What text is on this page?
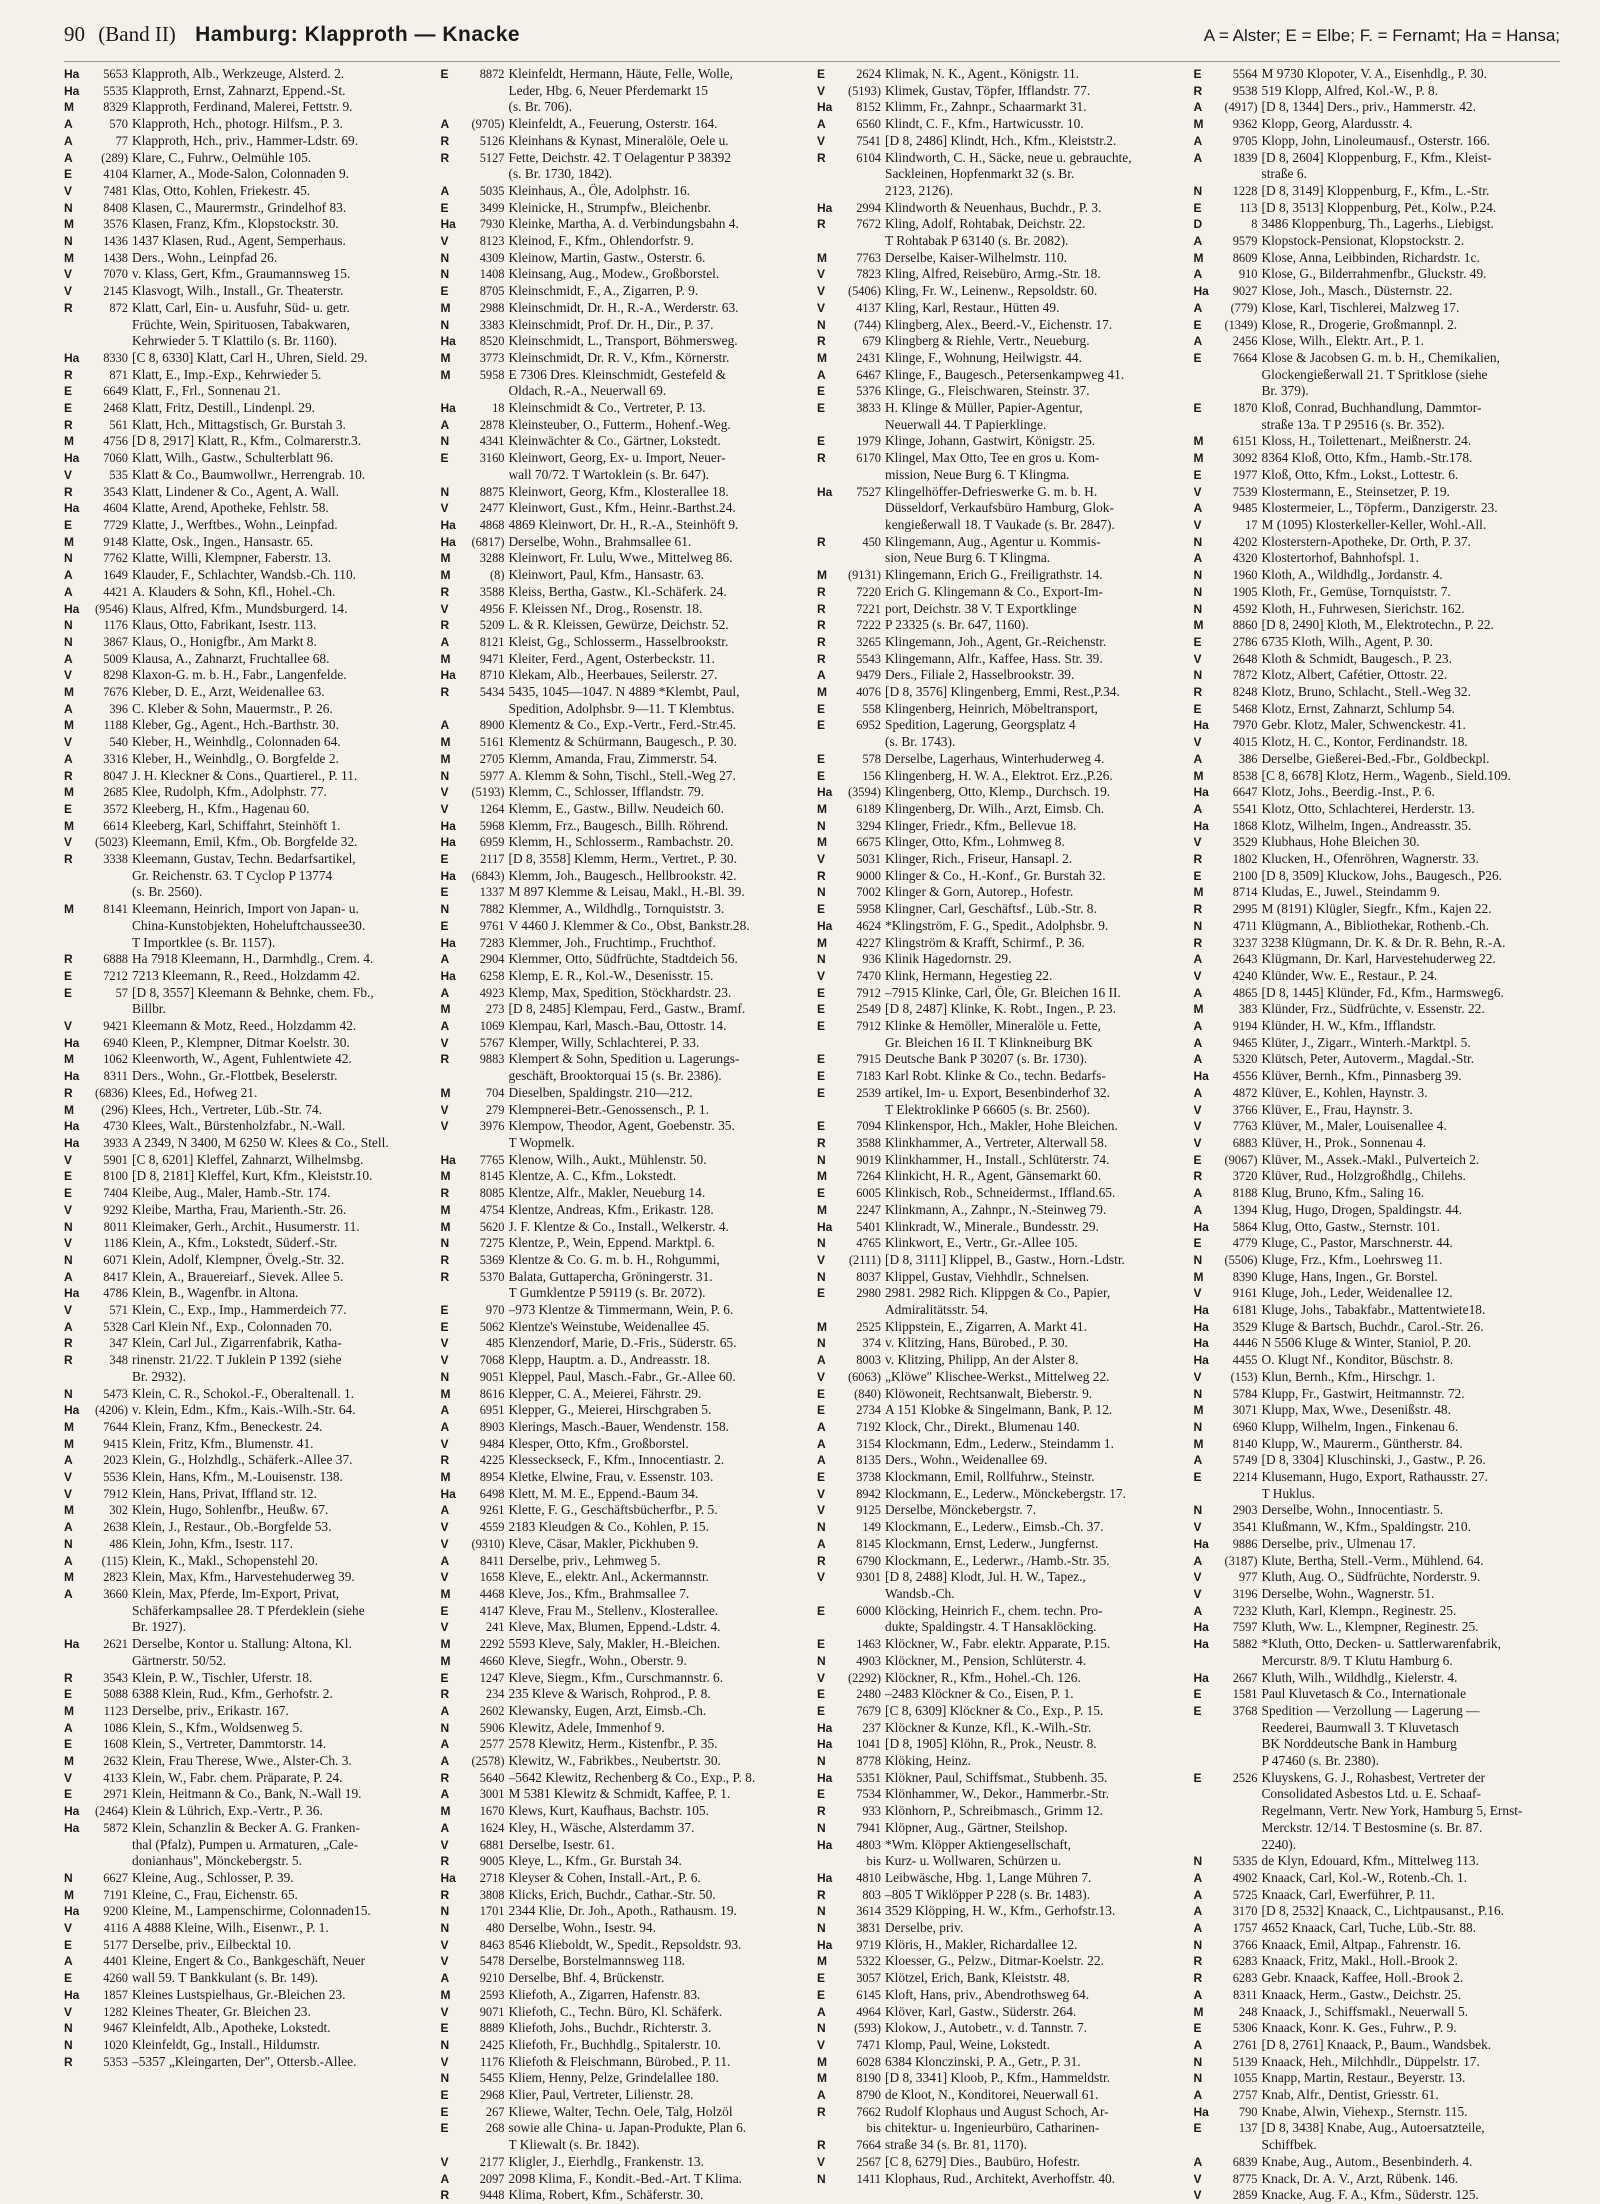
90 (Band II) Hamburg: Klapproth — Knacke	A = Alster; E = Elbe; F. = Fernamt; Ha = Hansa;
Ha	5653 Klapproth, Alb., Werkzeuge, Alsterd. 2.
Ha	5535 Klapproth, Ernst, Zahnarzt, Eppend.-St.
M	8329 Klapproth, Ferdinand, Malerei, Fettstr. 9.
A	570 Klapproth, Hch., photogr. Hilfsm., P. 3.
A	77 Klapproth, Hch., priv., Hammer-Ldstr. 69.
A	(289) Klare, C., Fuhrw., Oelmühle 105.
E	4104 Klarner, A., Mode-Salon, Colonnaden 9.
V	7481 Klas, Otto, Kohlen, Friekestr. 45.
N	8408 Klasen, C., Maurermstr., Grindelhof 83.
M	3576 Klasen, Franz, Kfm., Klopstockstr. 30.
N	1436 1437 Klasen, Rud., Agent, Semperhaus.
M	1438 Ders., Wohn., Leinpfad 26.
V	7070 v. Klass, Gert, Kfm., Graumannsweg 15.
V	2145 Klasvogt, Wilh., Install., Gr. Theaterstr.
R	872 Klatt, Carl, Ein- u. Ausfuhr, Süd- u. getr.
Früchte, Wein, Spirituosen, Tabakwaren,
Kehrwieder 5. T Klattilo (s. Br. 1160).
Ha	8330 [C 8, 6330] Klatt, Carl H., Uhren, Sield. 29.
R	871 Klatt, E., Imp.-Exp., Kehrwieder 5.
E	6649 Klatt, F., Frl., Sonnenau 21.
E	2468 Klatt, Fritz, Destill., Lindenpl. 29.
R	561 Klatt, Hch., Mittagstisch, Gr. Burstah 3.
M	4756 [D 8, 2917] Klatt, R., Kfm., Colmarerstr.3.
Ha	7060 Klatt, Wilh., Gastw., Schulterblatt 96.
V	535 Klatt & Co., Baumwollwr., Herrengrab. 10.
R	3543 Klatt, Lindener & Co., Agent, A. Wall.
Ha	4604 Klatte, Arend, Apotheke, Fehlstr. 58.
E	7729 Klatte, J., Werftbes., Wohn., Leinpfad.
M	9148 Klatte, Osk., Ingen., Hansastr. 65.
N	7762 Klatte, Willi, Klempner, Faberstr. 13.
A	1649 Klauder, F., Schlachter, Wandsb.-Ch. 110.
A	4421 A. Klauders & Sohn, Kfl., Hohel.-Ch.
Ha	(9546) Klaus, Alfred, Kfm., Mundsburgerd. 14.
N	1176 Klaus, Otto, Fabrikant, Isestr. 113.
N	3867 Klaus, O., Honigfbr., Am Markt 8.
A	5009 Klausa, A., Zahnarzt, Fruchtallee 68.
V	8298 Klaxon-G. m. b. H., Fabr., Langenfelde.
M	7676 Kleber, D. E., Arzt, Weidenallee 63.
A	396 C. Kleber & Sohn, Mauermstr., P. 26.
M	1188 Kleber, Gg., Agent., Hch.-Barthstr. 30.
V	540 Kleber, H., Weinhdlg., Colonnaden 64.
A	3316 Kleber, H., Weinhdlg., O. Borgfelde 2.
R	8047 J. H. Kleckner & Cons., Quartierel., P. 11.
M	2685 Klee, Rudolph, Kfm., Adolphstr. 77.
E	3572 Kleeberg, H., Kfm., Hagenau 60.
M	6614 Kleeberg, Karl, Schiffahrt, Steinhöft 1.
V	(5023) Kleemann, Emil, Kfm., Ob. Borgfelde 32.
R	3338 Kleemann, Gustav, Techn. Bedarfsartikel,
Gr. Reichenstr. 63. T Cyclop P 13774
(s. Br. 2560).
M	8141 Kleemann, Heinrich, Import von Japan- u.
China-Kunstobjekten, Hoheluftchaussee30.
T Importklee (s. Br. 1157).
R	6888 Ha 7918 Kleemann, H., Darmhdlg., Crem. 4.
E	7212 7213 Kleemann, R., Reed., Holzdamm 42.
E	57 [D 8, 3557] Kleemann & Behnke, chem. Fb.,
Billbr.
V	9421 Kleemann & Motz, Reed., Holzdamm 42.
Ha	6940 Kleen, P., Klempner, Ditmar Koelstr. 30.
M	1062 Kleenworth, W., Agent, Fuhlentwiete 42.
Ha	8311 Ders., Wohn., Gr.-Flottbek, Beselerstr.
R	(6836) Klees, Ed., Hofweg 21.
M	(296) Klees, Hch., Vertreter, Lüb.-Str. 74.
Ha	4730 Klees, Walt., Bürstenholzfabr., N.-Wall.
Ha	3933 A 2349, N 3400, M 6250 W. Klees & Co., Stell.
V	5901 [C 8, 6201] Kleffel, Zahnarzt, Wilhelmsbg.
E	8100 [D 8, 2181] Kleffel, Kurt, Kfm., Kleiststr.10.
E	7404 Kleibe, Aug., Maler, Hamb.-Str. 174.
V	9292 Kleibe, Martha, Frau, Marienth.-Str. 26.
N	8011 Kleimaker, Gerh., Archit., Husumerstr. 11.
V	1186 Klein, A., Kfm., Lokstedt, Süderf.-Str.
N	6071 Klein, Adolf, Klempner, Övelg.-Str. 32.
A	8417 Klein, A., Brauereiarf., Sievek. Allee 5.
Ha	4786 Klein, B., Wagenfbr. in Altona.
V	571 Klein, C., Exp., Imp., Hammerdeich 77.
A	5328 Carl Klein Nf., Exp., Colonnaden 70.
R	347 Klein, Carl Jul., Zigarrenfabrik, Katha-
R	348 rinenstr. 21/22. T Juklein P 1392 (siehe
Br. 2932).
N	5473 Klein, C. R., Schokol.-F., Oberaltenall. 1.
Ha	(4206) v. Klein, Edm., Kfm., Kais.-Wilh.-Str. 64.
M	7644 Klein, Franz, Kfm., Beneckestr. 24.
M	9415 Klein, Fritz, Kfm., Blumenstr. 41.
A	2023 Klein, G., Holzhdlg., Schäferk.-Allee 37.
V	5536 Klein, Hans, Kfm., M.-Louisenstr. 138.
V	7912 Klein, Hans, Privat, Iffland str. 12.
M	302 Klein, Hugo, Sohlenfbr., Heußw. 67.
A	2638 Klein, J., Restaur., Ob.-Borgfelde 53.
N	486 Klein, John, Kfm., Isestr. 117.
A	(115) Klein, K., Makl., Schopenstehl 20.
M	2823 Klein, Max, Kfm., Harvestehuderweg 39.
A	3660 Klein, Max, Pferde, Im-Export, Privat,
Schäferkampsallee 28. T Pferdeklein (siehe
Br. 1927).
Ha	2621 Derselbe, Kontor u. Stallung: Altona, Kl.
Gärtnerstr. 50/52.
R	3543 Klein, P. W., Tischler, Uferstr. 18.
E	5088 6388 Klein, Rud., Kfm., Gerhofstr. 2.
M	1123 Derselbe, priv., Erikastr. 167.
A	1086 Klein, S., Kfm., Woldsenweg 5.
E	1608 Klein, S., Vertreter, Dammtorstr. 14.
M	2632 Klein, Frau Therese, Wwe., Alster-Ch. 3.
V	4133 Klein, W., Fabr. chem. Präparate, P. 24.
E	2971 Klein, Heitmann & Co., Bank, N.-Wall 19.
Ha	(2464) Klein & Lührich, Exp.-Vertr., P. 36.
Ha	5872 Klein, Schanzlin & Becker A. G. Franken-
thal (Pfalz), Pumpen u. Armaturen, „Cale-
donianhaus", Mönckebergstr. 5.
N	6627 Kleine, Aug., Schlosser, P. 39.
M	7191 Kleine, C., Frau, Eichenstr. 65.
Ha	9200 Kleine, M., Lampenschirme, Colonnaden15.
V	4116 A 4888 Kleine, Wilh., Eisenwr., P. 1.
E	5177 Derselbe, priv., Eilbecktal 10.
A	4401 Kleine, Engert & Co., Bankgeschäft, Neuer
E	4260 wall 59. T Bankkulant (s. Br. 149).
Ha	1857 Kleines Lustspielhaus, Gr.-Bleichen 23.
V	1282 Kleines Theater, Gr. Bleichen 23.
N	9467 Kleinfeldt, Alb., Apotheke, Lokstedt.
N	1020 Kleinfeldt, Gg., Install., Hildumstr.
R	5353 –5357 „Kleingarten, Der", Ottersb.-Allee.
E	8872 Kleinfeldt, Hermann, Häute, Felle, Wolle,
Leder, Hbg. 6, Neuer Pferdemarkt 15
(s. Br. 706).
A	(9705) Kleinfeldt, A., Feuerung, Osterstr. 164.
R	5126 Kleinhans & Kynast, Mineralöle, Oele u.
R	5127 Fette, Deichstr. 42. T Oelagentur P 38392
(s. Br. 1730, 1842).
A	5035 Kleinhaus, A., Öle, Adolphstr. 16.
E	3499 Kleinicke, H., Strumpfw., Bleichenbr.
Ha	7930 Kleinke, Martha, A. d. Verbindungsbahn 4.
V	8123 Kleinod, F., Kfm., Ohlendorfstr. 9.
N	4309 Kleinow, Martin, Gastw., Osterstr. 6.
N	1408 Kleinsang, Aug., Modew., Großborstel.
E	8705 Kleinschmidt, F., A., Zigarren, P. 9.
M	2988 Kleinschmidt, Dr. H., R.-A., Werderstr. 63.
N	3383 Kleinschmidt, Prof. Dr. H., Dir., P. 37.
Ha	8520 Kleinschmidt, L., Transport, Böhmersweg.
M	3773 Kleinschmidt, Dr. R. V., Kfm., Körnerstr.
M	5958 E 7306 Dres. Kleinschmidt, Gestefeld &
Oldach, R.-A., Neuerwall 69.
Ha	18 Kleinschmidt & Co., Vertreter, P. 13.
A	2878 Kleinsteuber, O., Futterm., Hohenf.-Weg.
N	4341 Kleinwächter & Co., Gärtner, Lokstedt.
E	3160 Kleinwort, Georg, Ex- u. Import, Neuer-
wall 70/72. T Wartoklein (s. Br. 647).
N	8875 Kleinwort, Georg, Kfm., Klosterallee 18.
V	2477 Kleinwort, Gust., Kfm., Heinr.-Barthst.24.
Ha	4868 4869 Kleinwort, Dr. H., R.-A., Steinhöft 9.
Ha	(6817) Derselbe, Wohn., Brahmsallee 61.
M	3288 Kleinwort, Fr. Lulu, Wwe., Mittelweg 86.
M	(8) Kleinwort, Paul, Kfm., Hansastr. 63.
R	3588 Kleiss, Bertha, Gastw., Kl.-Schäferk. 24.
V	4956 F. Kleissen Nf., Drog., Rosenstr. 18.
R	5209 L. & R. Kleissen, Gewürze, Deichstr. 52.
A	8121 Kleist, Gg., Schlosserm., Hasselbrookstr.
M	9471 Kleiter, Ferd., Agent, Osterbeckstr. 11.
Ha	8710 Klekam, Alb., Heerbaues, Seilerstr. 27.
R	5434 5435, 1045—1047. N 4889 *Klembt, Paul,
Spedition, Adolphsbr. 9—11. T Klembtus.
A	8900 Klementz & Co., Exp.-Vertr., Ferd.-Str.45.
M	5161 Klementz & Schürmann, Baugesch., P. 30.
M	2705 Klemm, Amanda, Frau, Zimmerstr. 54.
N	5977 A. Klemm & Sohn, Tischl., Stell.-Weg 27.
V	(5193) Klemm, C., Schlosser, Ifflandstr. 79.
V	1264 Klemm, E., Gastw., Billw. Neudeich 60.
Ha	5968 Klemm, Frz., Baugesch., Billh. Röhrend.
Ha	6959 Klemm, H., Schlosserm., Rambachstr. 20.
E	2117 [D 8, 3558] Klemm, Herm., Vertret., P. 30.
Ha	(6843) Klemm, Joh., Baugesch., Hellbrookstr. 42.
E	1337 M 897 Klemme & Leisau, Makl., H.-Bl. 39.
N	7882 Klemmer, A., Wildhdlg., Tornquiststr. 3.
E	9761 V 4460 J. Klemmer & Co., Obst, Bankstr.28.
Ha	7283 Klemmer, Joh., Fruchtimp., Fruchthof.
A	2904 Klemmer, Otto, Südfrüchte, Stadtdeich 56.
Ha	6258 Klemp, E. R., Kol.-W., Desenisstr. 15.
A	4923 Klemp, Max, Spedition, Stöckhardstr. 23.
M	273 [D 8, 2485] Klempau, Ferd., Gastw., Bramf.
A	1069 Klempau, Karl, Masch.-Bau, Ottostr. 14.
V	5767 Klemper, Willy, Schlachterei, P. 33.
R	9883 Klempert & Sohn, Spedition u. Lagerungs-
geschäft, Brooktorquai 15 (s. Br. 2386).
M	704 Dieselben, Spaldingstr. 210—212.
V	279 Klempnerei-Betr.-Genossensch., P. 1.
V	3976 Klempow, Theodor, Agent, Goebenstr. 35.
T Wopmelk.
Ha	7765 Klenow, Wilh., Aukt., Mühlenstr. 50.
M	8145 Klentze, A. C., Kfm., Lokstedt.
R	8085 Klentze, Alfr., Makler, Neueburg 14.
M	4754 Klentze, Andreas, Kfm., Erikastr. 128.
M	5620 J. F. Klentze & Co., Install., Welkerstr. 4.
N	7275 Klentze, P., Wein, Eppend. Marktpl. 6.
R	5369 Klentze & Co. G. m. b. H., Rohgummi,
R	5370 Balata, Guttapercha, Gröningerstr. 31.
T Gumklentze P 59119 (s. Br. 2072).
E	970 –973 Klentze & Timmermann, Wein, P. 6.
E	5062 Klentze's Weinstube, Weidenallee 45.
V	485 Klenzendorf, Marie, D.-Fris., Süderstr. 65.
V	7068 Klepp, Hauptm. a. D., Andreasstr. 18.
N	9051 Kleppel, Paul, Masch.-Fabr., Gr.-Allee 60.
M	8616 Klepper, C. A., Meierei, Fährstr. 29.
A	6951 Klepper, G., Meierei, Hirschgraben 5.
A	8903 Klerings, Masch.-Bauer, Wendenstr. 158.
V	9484 Klesper, Otto, Kfm., Großborstel.
R	4225 Klesseckseck, F., Kfm., Innocentiastr. 2.
M	8954 Kletke, Elwine, Frau, v. Essenstr. 103.
Ha	6498 Klett, M. M. E., Eppend.-Baum 34.
A	9261 Klette, F. G., Geschäftsbücherfbr., P. 5.
V	4559 2183 Kleudgen & Co., Kohlen, P. 15.
V	(9310) Kleve, Cäsar, Makler, Pickhuben 9.
A	8411 Derselbe, priv., Lehmweg 5.
V	1658 Kleve, E., elektr. Anl., Ackermannstr.
M	4468 Kleve, Jos., Kfm., Brahmsallee 7.
E	4147 Kleve, Frau M., Stellenv., Klosterallee.
V	241 Kleve, Max, Blumen, Eppend.-Ldstr. 4.
M	2292 5593 Kleve, Saly, Makler, H.-Bleichen.
M	4660 Kleve, Siegfr., Wohn., Oberstr. 9.
E	1247 Kleve, Siegm., Kfm., Curschmannstr. 6.
R	234 235 Kleve & Warisch, Rohprod., P. 8.
A	2602 Klewansky, Eugen, Arzt, Eimsb.-Ch.
N	5906 Klewitz, Adele, Immenhof 9.
A	2577 2578 Klewitz, Herm., Kistenfbr., P. 35.
A	(2578) Klewitz, W., Fabrikbes., Neubertstr. 30.
R	5640 –5642 Klewitz, Rechenberg & Co., Exp., P. 8.
A	3001 M 5381 Klewitz & Schmidt, Kaffee, P. 1.
M	1670 Klews, Kurt, Kaufhaus, Bachstr. 105.
A	1624 Kley, H., Wäsche, Alsterdamm 37.
V	6881 Derselbe, Isestr. 61.
R	9005 Kleye, L., Kfm., Gr. Burstah 34.
Ha	2718 Kleyser & Cohen, Install.-Art., P. 6.
R	3808 Klicks, Erich, Buchdr., Cathar.-Str. 50.
N	1701 2344 Klie, Dr. Joh., Apoth., Rathausm. 19.
N	480 Derselbe, Wohn., Isestr. 94.
V	8463 8546 Klieboldt, W., Spedit., Repsoldstr. 93.
V	5478 Derselbe, Borstelmannsweg 118.
A	9210 Derselbe, Bhf. 4, Brückenstr.
M	2593 Kliefoth, A., Zigarren, Hafenstr. 83.
V	9071 Kliefoth, C., Techn. Büro, Kl. Schäferk.
E	8889 Kliefoth, Johs., Buchdr., Richterstr. 3.
N	2425 Kliefoth, Fr., Buchhdlg., Spitalerstr. 10.
V	1176 Kliefoth & Fleischmann, Bürobed., P. 11.
N	5455 Kliem, Henny, Pelze, Grindelallee 180.
E	2968 Klier, Paul, Vertreter, Lilienstr. 28.
E	267 Kliewe, Walter, Techn. Oele, Talg, Holzöl
E	268 sowie alle China- u. Japan-Produkte, Plan 6.
T Kliewalt (s. Br. 1842).
V	2177 Kligler, J., Eierhdlg., Frankenstr. 13.
A	2097 2098 Klima, F., Kondit.-Bed.-Art. T Klima.
R	9448 Klima, Robert, Kfm., Schäferstr. 30.
E	2624 Klimak, N. K., Agent., Königstr. 11.
V	(5193) Klimek, Gustav, Töpfer, Ifflandstr. 77.
Ha	8152 Klimm, Fr., Zahnpr., Schaarmarkt 31.
A	6560 Klindt, C. F., Kfm., Hartwicusstr. 10.
V	7541 [D 8, 2486] Klindt, Hch., Kfm., Kleiststr.2.
R	6104 Klindworth, C. H., Säcke, neue u. gebrauchte,
Sackleinen, Hopfenmarkt 32 (s. Br.
2123, 2126).
Ha	2994 Klindworth & Neuenhaus, Buchdr., P. 3.
R	7672 Kling, Adolf, Rohtabak, Deichstr. 22.
T Rohtabak P 63140 (s. Br. 2082).
M	7763 Derselbe, Kaiser-Wilhelmstr. 110.
V	7823 Kling, Alfred, Reisebüro, Armg.-Str. 18.
V	(5406) Kling, Fr. W., Leinenw., Repsoldstr. 60.
V	4137 Kling, Karl, Restaur., Hütten 49.
N	(744) Klingberg, Alex., Beerd.-V., Eichenstr. 17.
R	679 Klingberg & Riehle, Vertr., Neueburg.
M	2431 Klinge, F., Wohnung, Heilwigstr. 44.
A	6467 Klinge, F., Baugesch., Petersenkampweg 41.
E	5376 Klinge, G., Fleischwaren, Steinstr. 37.
E	3833 H. Klinge & Müller, Papier-Agentur,
Neuerwall 44. T Papierklinge.
E	1979 Klinge, Johann, Gastwirt, Königstr. 25.
R	6170 Klingel, Max Otto, Tee en gros u. Kom-
mission, Neue Burg 6. T Klingma.
Ha	7527 Klingelhöffer-Defrieswerke G. m. b. H.
Düsseldorf, Verkaufsbüro Hamburg, Glok-
kengießerwall 18. T Vaukade (s. Br. 2847).
R	450 Klingemann, Aug., Agentur u. Kommis-
sion, Neue Burg 6. T Klingma.
M	(9131) Klingemann, Erich G., Freiligrathstr. 14.
R	7220 Erich G. Klingemann & Co., Export-Im-
R	7221 port, Deichstr. 38 V. T Exportklinge
R	7222 P 23325 (s. Br. 647, 1160).
R	3265 Klingemann, Joh., Agent, Gr.-Reichenstr.
R	5543 Klingemann, Alfr., Kaffee, Hass. Str. 39.
A	9479 Ders., Filiale 2, Hasselbrookstr. 39.
M	4076 [D 8, 3576] Klingenberg, Emmi, Rest.,P.34.
E	558 Klingenberg, Heinrich, Möbeltransport,
E	6952 Spedition, Lagerung, Georgsplatz 4
(s. Br. 1743).
E	578 Derselbe, Lagerhaus, Winterhuderweg 4.
E	156 Klingenberg, H. W. A., Elektrot. Erz.,P.26.
Ha	(3594) Klingenberg, Otto, Klemp., Durchsch. 19.
M	6189 Klingenberg, Dr. Wilh., Arzt, Eimsb. Ch.
N	3294 Klinger, Friedr., Kfm., Bellevue 18.
M	6675 Klinger, Otto, Kfm., Lohmweg 8.
V	5031 Klinger, Rich., Friseur, Hansapl. 2.
R	9000 Klinger & Co., H.-Konf., Gr. Burstah 32.
N	7002 Klinger & Gorn, Autorep., Hofestr.
E	5958 Klingner, Carl, Geschäftsf., Lüb.-Str. 8.
Ha	4624 *Klingström, F. G., Spedit., Adolphsbr. 9.
M	4227 Klingström & Krafft, Schirmf., P. 36.
N	936 Klinik Hagedornstr. 29.
V	7470 Klink, Hermann, Hegestieg 22.
E	7912 –7915 Klinke, Carl, Öle, Gr. Bleichen 16 II.
E	2549 [D 8, 2487] Klinke, K. Robt., Ingen., P. 23.
E	7912 Klinke & Hemöller, Mineralöle u. Fette,
Gr. Bleichen 16 II. T Klinkneiburg BK
E	7915 Deutsche Bank P 30207 (s. Br. 1730).
E	7183 Karl Robt. Klinke & Co., techn. Bedarfs-
E	2539 artikel, Im- u. Export, Besenbinderhof 32.
T Elektroklinke P 66605 (s. Br. 2560).
E	7094 Klinkenspor, Hch., Makler, Hohe Bleichen.
R	3588 Klinkhammer, A., Vertreter, Alterwall 58.
N	9019 Klinkhammer, H., Install., Schlüterstr. 74.
M	7264 Klinkicht, H. R., Agent, Gänsemarkt 60.
E	6005 Klinkisch, Rob., Schneidermst., Iffland.65.
M	2247 Klinkmann, A., Zahnpr., N.-Steinweg 79.
Ha	5401 Klinkradt, W., Minerale., Bundesstr. 29.
N	4765 Klinkwort, E., Vertr., Gr.-Allee 105.
V	(2111) [D 8, 3111] Klippel, B., Gastw., Horn.-Ldstr.
N	8037 Klippel, Gustav, Viehhdlr., Schnelsen.
E	2980 2981. 2982 Rich. Klippgen & Co., Papier,
Admiralitätsstr. 54.
M	2525 Klippstein, E., Zigarren, A. Markt 41.
N	374 v. Klitzing, Hans, Bürobed., P. 30.
A	8003 v. Klitzing, Philipp, An der Alster 8.
V	(6063) „Klöwe" Klischee-Werkst., Mittelweg 22.
E	(840) Klöwoneit, Rechtsanwalt, Bieberstr. 9.
E	2734 A 151 Klobke & Singelmann, Bank, P. 12.
A	7192 Klock, Chr., Direkt., Blumenau 140.
A	3154 Klockmann, Edm., Lederw., Steindamm 1.
A	8135 Ders., Wohn., Weidenallee 69.
E	3738 Klockmann, Emil, Rollfuhrw., Steinstr.
V	8942 Klockmann, E., Lederw., Mönckebergstr. 17.
V	9125 Derselbe, Mönckebergstr. 7.
N	149 Klockmann, E., Lederw., Eimsb.-Ch. 37.
A	8145 Klockmann, Ernst, Lederw., Jungfernst.
R	6790 Klockmann, E., Lederwr., /Hamb.-Str. 35.
V	9301 [D 8, 2488] Klodt, Jul. H. W., Tapez.,
Wandsb.-Ch.
E	6000 Klöcking, Heinrich F., chem. techn. Pro-
dukte, Spaldingstr. 4. T Hansaklöcking.
E	1463 Klöckner, W., Fabr. elektr. Apparate, P.15.
N	4903 Klöckner, M., Pension, Schlüterstr. 4.
V	(2292) Klöckner, R., Kfm., Hohel.-Ch. 126.
E	2480 –2483 Klöckner & Co., Eisen, P. 1.
E	7679 [C 8, 6309] Klöckner & Co., Exp., P. 15.
Ha	237 Klöckner & Kunze, Kfl., K.-Wilh.-Str.
Ha	1041 [D 8, 1905] Klöhn, R., Prok., Neustr. 8.
N	8778 Klöking, Heinz.
Ha	5351 Klökner, Paul, Schiffsmat., Stubbenh. 35.
E	7534 Klönhammer, W., Dekor., Hammerbr.-Str.
R	933 Klönhorn, P., Schreibmasch., Grimm 12.
N	7941 Klöpner, Aug., Gärtner, Steilshop.
Ha	4803 *Wm. Klöpper Aktiengesellschaft,
bis Kurz- u. Wollwaren, Schürzen u.
Ha	4810 Leibwäsche, Hbg. 1, Lange Mühren 7.
R	803 –805 T Wiklöpper P 228 (s. Br. 1483).
N	3614 3529 Klöpping, H. W., Kfm., Gerhofstr.13.
N	3831 Derselbe, priv.
Ha	9719 Klöris, H., Makler, Richardallee 12.
M	5322 Kloesser, G., Pelzw., Ditmar-Koelstr. 22.
E	3057 Klötzel, Erich, Bank, Kleiststr. 48.
E	6145 Kloft, Hans, priv., Abendrothsweg 64.
A	4964 Klöver, Karl, Gastw., Süderstr. 264.
N	(593) Klokow, J., Autobetr., v. d. Tannstr. 7.
V	7471 Klomp, Paul, Weine, Lokstedt.
M	6028 6384 Klonczinski, P. A., Getr., P. 31.
M	8190 [D 8, 3341] Kloob, P., Kfm., Hammeldstr.
A	8790 de Kloot, N., Konditorei, Neuerwall 61.
R	7662 Rudolf Klophaus und August Schoch, Ar-
bis chitektur- u. Ingenieurbüro, Catharinen-
R	7664 straße 34 (s. Br. 81, 1170).
V	2567 [C 8, 6279] Dies., Baubüro, Hofestr.
N	1411 Klophaus, Rud., Architekt, Averhoffstr. 40.
E	5564 M 9730 Klopoter, V. A., Eisenhdlg., P. 30.
R	9538 519 Klopp, Alfred, Kol.-W., P. 8.
A	(4917) [D 8, 1344] Ders., priv., Hammerstr. 42.
M	9362 Klopp, Georg, Alardusstr. 4.
A	9705 Klopp, John, Linoleumausf., Osterstr. 166.
A	1839 [D 8, 2604] Kloppenburg, F., Kfm., Kleist-
straße 6.
N	1228 [D 8, 3149] Kloppenburg, F., Kfm., L.-Str.
E	113 [D 8, 3513] Kloppenburg, Pet., Kolw., P.24.
D	8 3486 Kloppenburg, Th., Lagerhs., Liebigst.
A	9579 Klopstock-Pensionat, Klopstockstr. 2.
M	8609 Klose, Anna, Leibbinden, Richardstr. 1c.
A	910 Klose, G., Bilderrahmenfbr., Gluckstr. 49.
Ha	9027 Klose, Joh., Masch., Düsternstr. 22.
A	(779) Klose, Karl, Tischlerei, Malzweg 17.
E	(1349) Klose, R., Drogerie, Großmannpl. 2.
A	2456 Klose, Wilh., Elektr. Art., P. 1.
E	7664 Klose & Jacobsen G. m. b. H., Chemikalien,
Glockengießerwall 21. T Spritklose (siehe
Br. 379).
E	1870 Kloß, Conrad, Buchhandlung, Dammtor-
straße 13a. T P 29516 (s. Br. 352).
M	6151 Kloss, H., Toilettenart., Meißnerstr. 24.
M	3092 8364 Kloß, Otto, Kfm., Hamb.-Str.178.
E	1977 Kloß, Otto, Kfm., Lokst., Lottestr. 6.
V	7539 Klostermann, E., Steinsetzer, P. 19.
A	9485 Klostermeier, L., Töpferm., Danzigerstr. 23.
V	17 M (1095) Klosterkeller-Keller, Wohl.-All.
N	4202 Klosterstern-Apotheke, Dr. Orth, P. 37.
A	4320 Klostertorhof, Bahnhofspl. 1.
N	1960 Kloth, A., Wildhdlg., Jordanstr. 4.
N	1905 Kloth, Fr., Gemüse, Tornquiststr. 7.
N	4592 Kloth, H., Fuhrwesen, Sierichstr. 162.
M	8860 [D 8, 2490] Kloth, M., Elektrotechn., P. 22.
E	2786 6735 Kloth, Wilh., Agent, P. 30.
V	2648 Kloth & Schmidt, Baugesch., P. 23.
N	7872 Klotz, Albert, Cafétier, Ottostr. 22.
R	8248 Klotz, Bruno, Schlacht., Stell.-Weg 32.
E	5468 Klotz, Ernst, Zahnarzt, Schlump 54.
Ha	7970 Gebr. Klotz, Maler, Schwenckestr. 41.
V	4015 Klotz, H. C., Kontor, Ferdinandstr. 18.
A	386 Derselbe, Gießerei-Bed.-Fbr., Goldbeckpl.
M	8538 [C 8, 6678] Klotz, Herm., Wagenb., Sield.109.
Ha	6647 Klotz, Johs., Beerdig.-Inst., P. 6.
A	5541 Klotz, Otto, Schlachterei, Herderstr. 13.
Ha	1868 Klotz, Wilhelm, Ingen., Andreasstr. 35.
V	3529 Klubhaus, Hohe Bleichen 30.
R	1802 Klucken, H., Ofenröhren, Wagnerstr. 33.
E	2100 [D 8, 3509] Kluckow, Johs., Baugesch., P26.
M	8714 Kludas, E., Juwel., Steindamm 9.
R	2995 M (8191) Klügler, Siegfr., Kfm., Kajen 22.
N	4711 Klügmann, A., Bibliothekar, Rothenb.-Ch.
R	3237 3238 Klügmann, Dr. K. & Dr. R. Behn, R.-A.
A	2643 Klügmann, Dr. Karl, Harvestehuderweg 22.
V	4240 Klünder, Ww. E., Restaur., P. 24.
A	4865 [D 8, 1445] Klünder, Fd., Kfm., Harmsweg6.
M	383 Klünder, Frz., Südfrüchte, v. Essenstr. 22.
A	9194 Klünder, H. W., Kfm., Ifflandstr.
A	9465 Klüter, J., Zigarr., Winterh.-Marktpl. 5.
A	5320 Klütsch, Peter, Autoverm., Magdal.-Str.
Ha	4556 Klüver, Bernh., Kfm., Pinnasberg 39.
A	4872 Klüver, E., Kohlen, Haynstr. 3.
V	3766 Klüver, E., Frau, Haynstr. 3.
V	7763 Klüver, M., Maler, Louisenallee 4.
V	6883 Klüver, H., Prok., Sonnenau 4.
E	(9067) Klüver, M., Assek.-Makl., Pulverteich 2.
R	3720 Klüver, Rud., Holzgroßhdlg., Chilehs.
A	8188 Klug, Bruno, Kfm., Saling 16.
A	1394 Klug, Hugo, Drogen, Spaldingstr. 44.
Ha	5864 Klug, Otto, Gastw., Sternstr. 101.
E	4779 Kluge, C., Pastor, Marschnerstr. 44.
N	(5506) Kluge, Frz., Kfm., Loehrsweg 11.
M	8390 Kluge, Hans, Ingen., Gr. Borstel.
V	9161 Kluge, Joh., Leder, Weidenallee 12.
Ha	6181 Kluge, Johs., Tabakfabr., Mattentwiete18.
Ha	3529 Kluge & Bartsch, Buchdr., Carol.-Str. 26.
Ha	4446 N 5506 Kluge & Winter, Staniol, P. 20.
Ha	4455 O. Klugt Nf., Konditor, Büschstr. 8.
V	(153) Klun, Bernh., Kfm., Hirschgr. 1.
N	5784 Klupp, Fr., Gastwirt, Heitmannstr. 72.
M	3071 Klupp, Max, Wwe., Desenißstr. 48.
N	6960 Klupp, Wilhelm, Ingen., Finkenau 6.
M	8140 Klupp, W., Maurerm., Güntherstr. 84.
A	5749 [D 8, 3304] Kluschinski, J., Gastw., P. 26.
E	2214 Klusemann, Hugo, Export, Rathausstr. 27.
T Huklus.
N	2903 Derselbe, Wohn., Innocentiastr. 5.
V	3541 Klußmann, W., Kfm., Spaldingstr. 210.
Ha	9886 Derselbe, priv., Ulmenau 17.
A	(3187) Klute, Bertha, Stell.-Verm., Mühlend. 64.
V	977 Kluth, Aug. O., Südfrüchte, Norderstr. 9.
V	3196 Derselbe, Wohn., Wagnerstr. 51.
A	7232 Kluth, Karl, Klempn., Reginestr. 25.
Ha	7597 Kluth, Ww. L., Klempner, Reginestr. 25.
Ha	5882 *Kluth, Otto, Decken- u. Sattlerwarenfabrik,
Mercurstr. 8/9. T Klutu Hamburg 6.
Ha	2667 Kluth, Wilh., Wildhdlg., Kielerstr. 4.
E	1581 Paul Kluvetasch & Co., Internationale
E	3768 Spedition — Verzollung — Lagerung —
Reederei, Baumwall 3. T Kluvetasch
BK Norddeutsche Bank in Hamburg
P 47460 (s. Br. 2380).
E	2526 Kluyskens, G. J., Rohasbest, Vertreter der
Consolidated Asbestos Ltd. u. E. Schaaf-
Regelmann, Vertr. New York, Hamburg 5, Ernst-
Merckstr. 12/14. T Bestosmine (s. Br. 87.
2240).
N	5335 de Klyn, Edouard, Kfm., Mittelweg 113.
A	4902 Knaack, Carl, Kol.-W., Rotenb.-Ch. 1.
A	5725 Knaack, Carl, Ewerführer, P. 11.
A	3170 [D 8, 2532] Knaack, C., Lichtpausanst., P.16.
A	1757 4652 Knaack, Carl, Tuche, Lüb.-Str. 88.
N	3766 Knaack, Emil, Altpap., Fahrenstr. 16.
R	6283 Knaack, Fritz, Makl., Holl.-Brook 2.
R	6283 Gebr. Knaack, Kaffee, Holl.-Brook 2.
A	8311 Knaack, Herm., Gastw., Deichstr. 25.
M	248 Knaack, J., Schiffsmakl., Neuerwall 5.
E	5306 Knaack, Konr. K. Ges., Fuhrw., P. 9.
A	2761 [D 8, 2761] Knaack, P., Baum., Wandsbek.
N	5139 Knaack, Heh., Milchhdlr., Düppelstr. 17.
N	1055 Knapp, Martin, Restaur., Beyerstr. 13.
A	2757 Knab, Alfr., Dentist, Griesstr. 61.
Ha	790 Knabe, Alwin, Viehexp., Sternstr. 115.
E	137 [D 8, 3438] Knabe, Aug., Autoersatzteile,
Schiffbek.
A	6839 Knabe, Aug., Autom., Besenbinderh. 4.
V	8775 Knack, Dr. A. V., Arzt, Rübenk. 146.
V	2859 Knacke, Aug. F. A., Kfm., Süderstr. 125.
